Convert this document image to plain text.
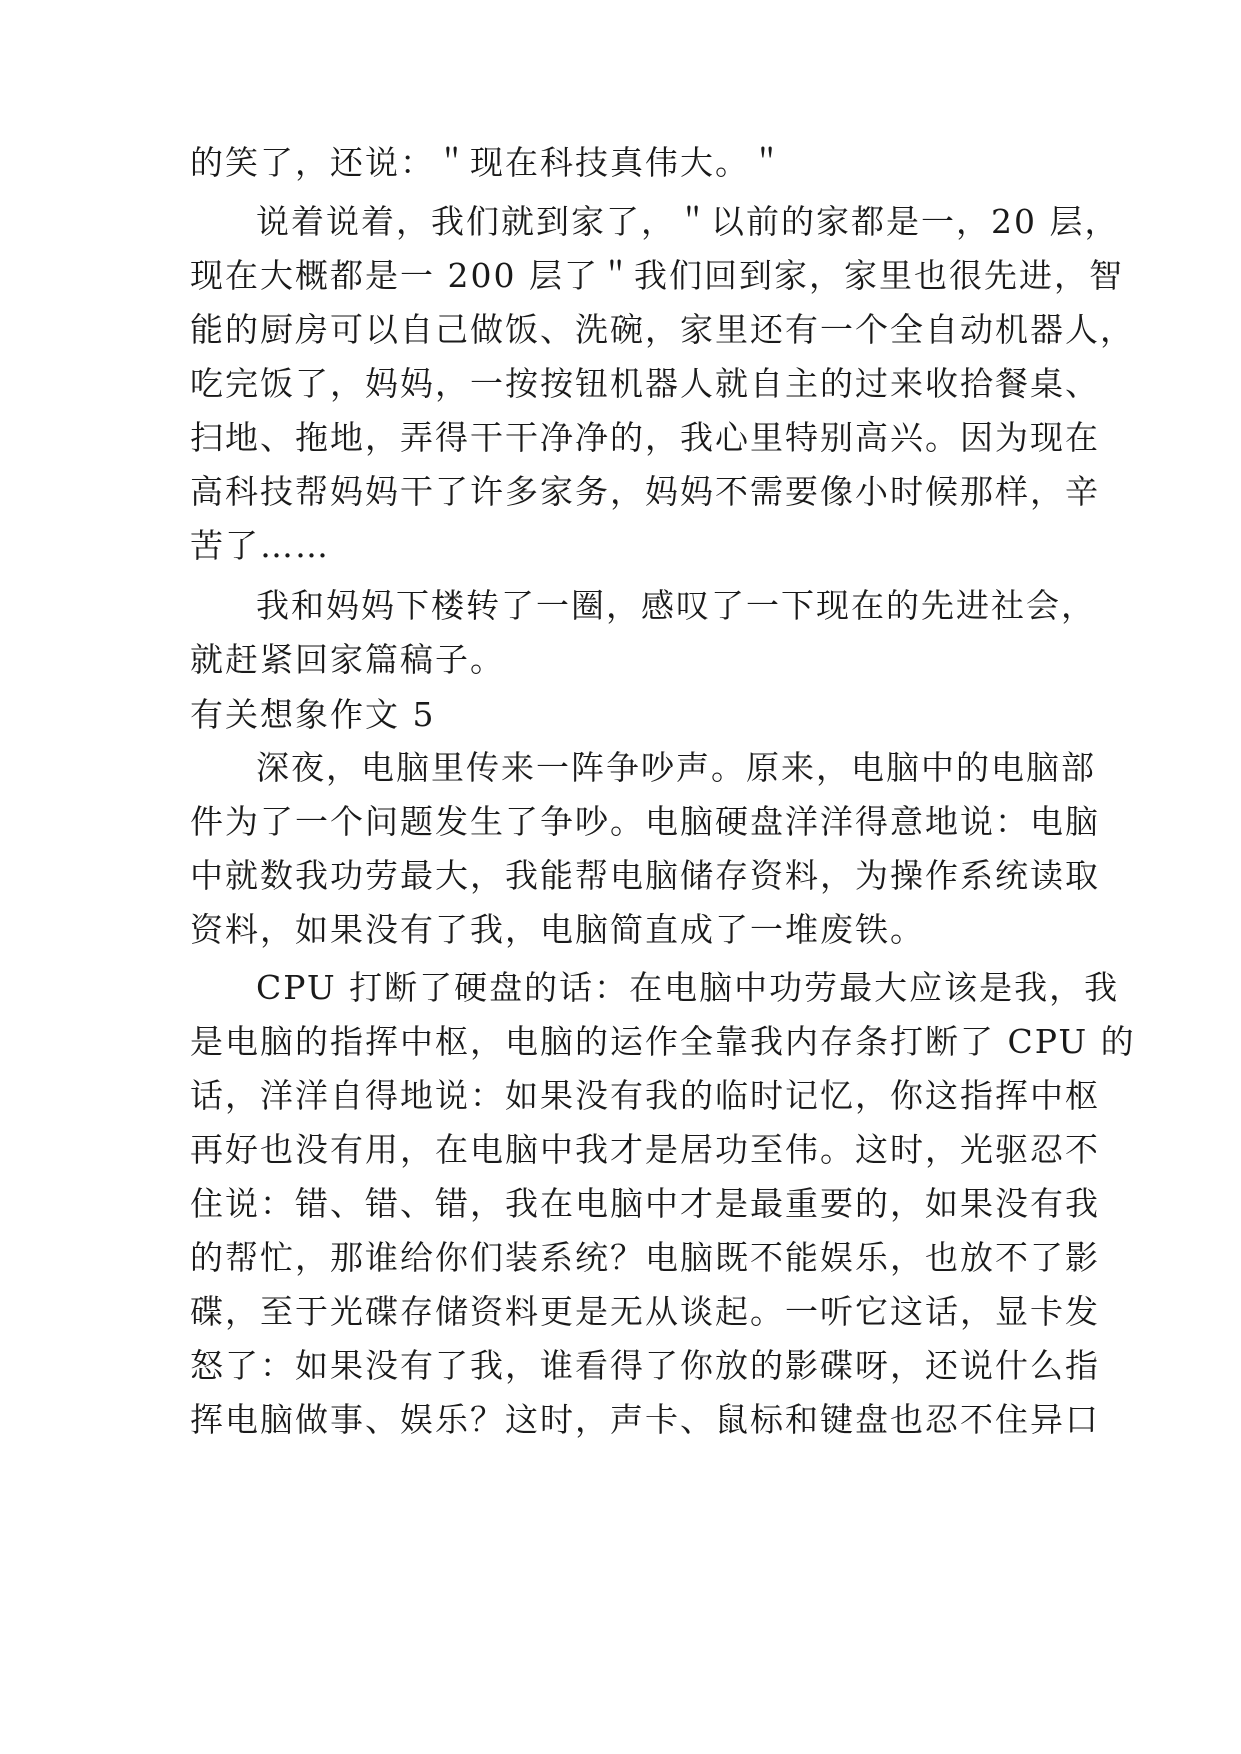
的笑了，还说：＂现在科技真伟大。＂
说着说着，我们就到家了，＂以前的家都是一，20 层，
现在大概都是一 200 层了＂我们回到家，家里也很先进，智
能的厨房可以自己做饭、洗碗，家里还有一个全自动机器人，
吃完饭了，妈妈，一按按钮机器人就自主的过来收拾餐桌、
扫地、拖地，弄得干干净净的，我心里特别高兴。因为现在
高科技帮妈妈干了许多家务，妈妈不需要像小时候那样，辛
苦了……
我和妈妈下楼转了一圈，感叹了一下现在的先进社会，
就赶紧回家篇稿子。
有关想象作文 5
深夜，电脑里传来一阵争吵声。原来，电脑中的电脑部
件为了一个问题发生了争吵。电脑硬盘洋洋得意地说：电脑
中就数我功劳最大，我能帮电脑储存资料，为操作系统读取
资料，如果没有了我，电脑简直成了一堆废铁。
CPU 打断了硬盘的话：在电脑中功劳最大应该是我，我
是电脑的指挥中枢，电脑的运作全靠我内存条打断了 CPU 的
话，洋洋自得地说：如果没有我的临时记忆，你这指挥中枢
再好也没有用，在电脑中我才是居功至伟。这时，光驱忍不
住说：错、错、错，我在电脑中才是最重要的，如果没有我
的帮忙，那谁给你们装系统？电脑既不能娱乐，也放不了影
碟，至于光碟存储资料更是无从谈起。一听它这话，显卡发
怒了：如果没有了我，谁看得了你放的影碟呀，还说什么指
挥电脑做事、娱乐？这时，声卡、鼠标和键盘也忍不住异口
